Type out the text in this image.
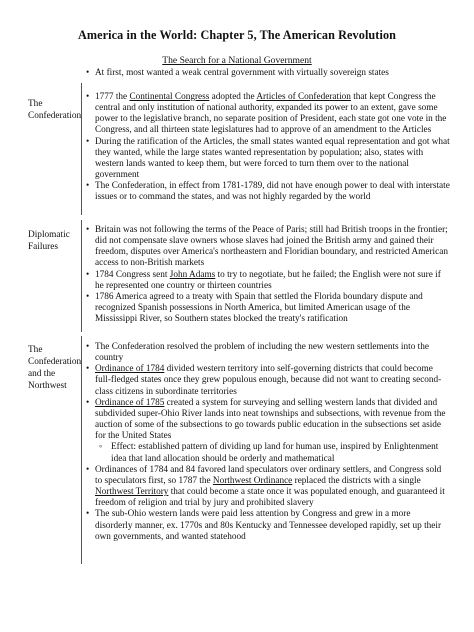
America in the World: Chapter 5, The American Revolution
The Search for a National Government

• At first, most wanted a weak central government with virtually sovereign states

The Confederation

• 1777 the Continental Congress adopted the Articles of Confederation that kept Congress the central and only institution of national authority, expanded its power to an extent, gave some power to the legislative branch, no separate position of President, each state got one vote in the Congress, and all thirteen state legislatures had to approve of an amendment to the Articles

• During the ratification of the Articles, the small states wanted equal representation and got what they wanted, while the large states wanted representation by population; also, states with western lands wanted to keep them, but were forced to turn them over to the national government

• The Confederation, in effect from 1781-1789, did not have enough power to deal with interstate issues or to command the states, and was not highly regarded by the world

Diplomatic Failures

• Britain was not following the terms of the Peace of Paris; still had British troops in the frontier; did not compensate slave owners whose slaves had joined the British army and gained their freedom, disputes over America's northeastern and Floridian boundary, and restricted American access to non-British markets

• 1784 Congress sent John Adams to try to negotiate, but he failed; the English were not sure if he represented one country or thirteen countries

• 1786 America agreed to a treaty with Spain that settled the Florida boundary dispute and recognized Spanish possessions in North America, but limited American usage of the Mississippi River, so Southern states blocked the treaty's ratification

The Confederation and the Northwest

• The Confederation resolved the problem of including the new western settlements into the country

• Ordinance of 1784 divided western territory into self-governing districts that could become full-fledged states once they grew populous enough, because did not want to creating second-class citizens in subordinate territories

• Ordinance of 1785 created a system for surveying and selling western lands that divided and subdivided super-Ohio River lands into neat townships and subsections, with revenue from the auction of some of the subsections to go towards public education in the subsections set aside for the United States

◦ Effect: established pattern of dividing up land for human use, inspired by Enlightenment idea that land allocation should be orderly and mathematical

• Ordinances of 1784 and 84 favored land speculators over ordinary settlers, and Congress sold to speculators first, so 1787 the Northwest Ordinance replaced the districts with a single Northwest Territory that could become a state once it was populated enough, and guaranteed it freedom of religion and trial by jury and prohibited slavery

• The sub-Ohio western lands were paid less attention by Congress and grew in a more disorderly manner, ex. 1770s and 80s Kentucky and Tennessee developed rapidly, set up their own governments, and wanted statehood
